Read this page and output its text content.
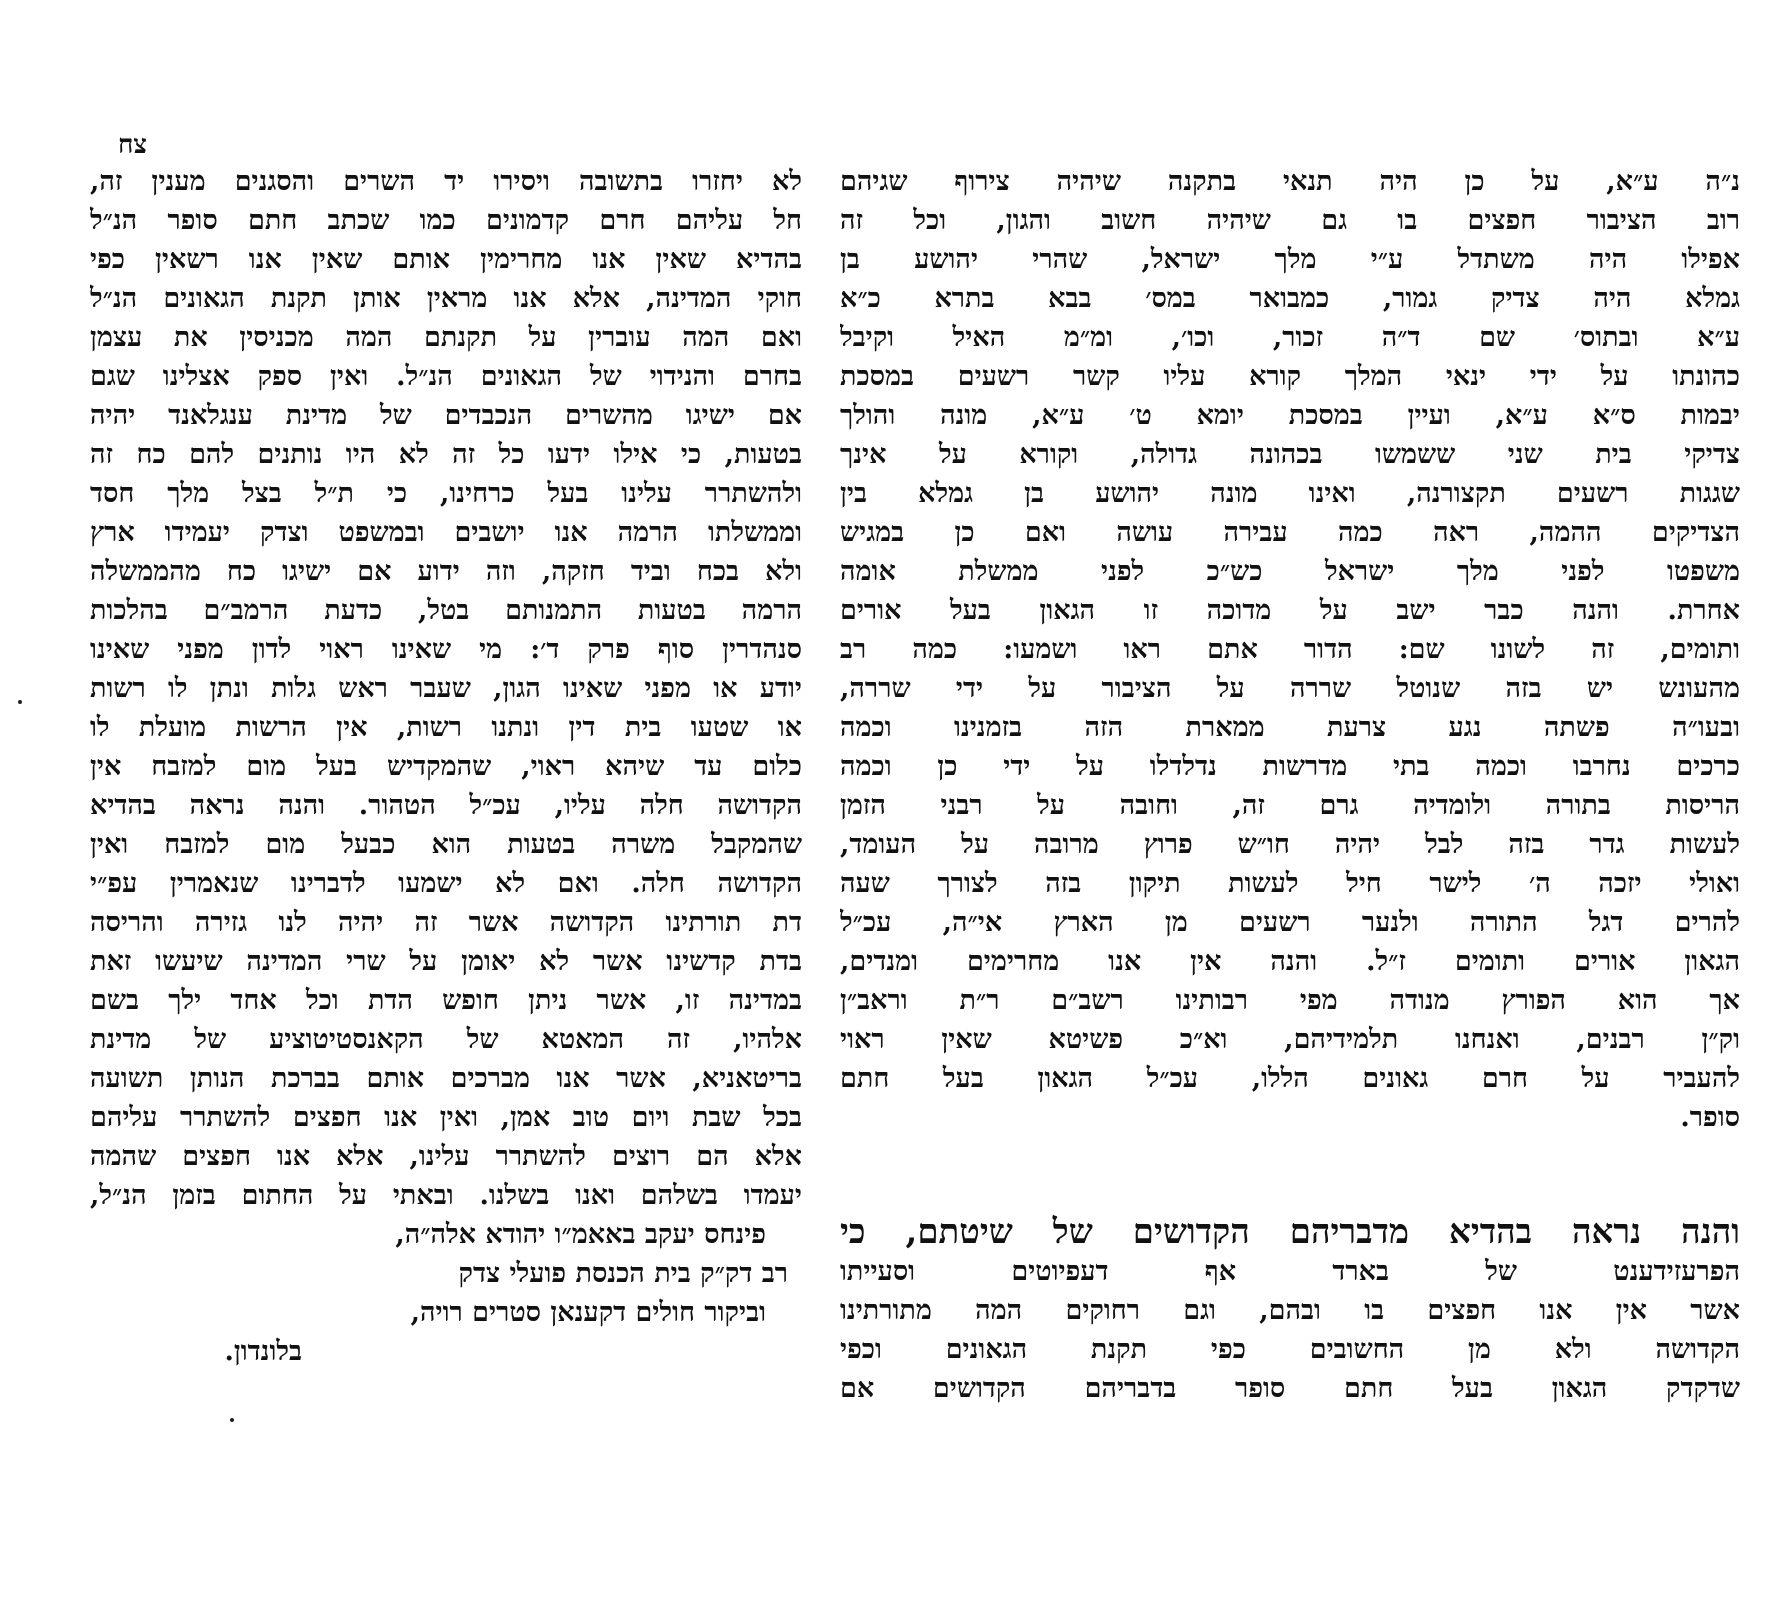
צח
נ״ה ע״א, על כן היה תנאי בתקנה שיהיה צירוף שגיהם
רוב הציבור חפצים בו גם שיהיה חשוב והגון, וכל זה
אפילו היה משתדל ע״י מלך ישראל, שהרי יהושע בן
גמלא היה צדיק גמור, כמבואר במס׳ בבא בתרא כ״א
ע״א ובתוס׳ שם ד״ה זכור, וכו׳, ומ״מ האיל וקיבל
כהונתו על ידי ינאי המלך קורא עליו קשר רשעים במסכת
יבמות ס״א ע״א, ועיין במסכת יומא ט׳ ע״א, מונה והולך
צדיקי בית שני ששמשו בכהונה גדולה, וקורא על אינך
שגגות רשעים תקצורנה, ואינו מונה יהושע בן גמלא בין
הצדיקים ההמה, ראה כמה עבירה עושה ואם כן במגיש
משפטו לפני מלך ישראל כש״כ לפני ממשלת אומה
אחרת. והנה כבר ישב על מדוכה זו הגאון בעל אורים
ותומים, זה לשונו שם: הדור אתם ראו ושמעו: כמה רב
מהעונש יש בזה שנוטל שררה על הציבור על ידי שררה,
ובעו״ה פשתה נגע צרעת ממארת הזה בזמנינו וכמה
כרכים נחרבו וכמה בתי מדרשות נדלדלו על ידי כן וכמה
הריסות בתורה ולומדיה גרם זה, וחובה על רבני הזמן
לעשות גדר בזה לבל יהיה חו״ש פרוץ מרובה על העומד,
ואולי יזכה ה׳ לישר חיל לעשות תיקון בזה לצורך שעה
להרים דגל התורה ולנער רשעים מן הארץ אי״ה, עכ״ל
הגאון אורים ותומים ז״ל. והנה אין אנו מחרימים ומנדים,
אך הוא הפורץ מנודה מפי רבותינו רשב״ם ר״ת וראב״ן
וק״ן רבנים, ואנחנו תלמידיהם, וא״כ פשיטא שאין ראוי
להעביר על חרם גאונים הללו, עכ״ל הגאון בעל חתם
סופר.
והנה נראה בהדיא מדבריהם הקדושים של שיטתם, כי
הפרעזידענט של בארד אף דעפיוטים וסעייתו
אשר אין אנו חפצים בו ובהם, וגם רחוקים המה מתורתינו
הקדושה ולא מן החשובים כפי תקנת הגאונים וכפי
שדקדק הגאון בעל חתם סופר בדבריהם הקדושים אם
לא יחזרו בתשובה ויסירו יד השרים והסגנים מענין זה,
חל עליהם חרם קדמונים כמו שכתב חתם סופר הנ״ל
בהדיא שאין אנו מחרימין אותם שאין אנו רשאין כפי
חוקי המדינה, אלא אנו מראין אותן תקנת הגאונים הנ״ל
ואם המה עוברין על תקנתם המה מכניסין את עצמן
בחרם והנידוי של הגאונים הנ״ל. ואין ספק אצלינו שגם
אם ישיגו מהשרים הנכבדים של מדינת ענגלאנד יהיה
בטעות, כי אילו ידעו כל זה לא היו נותנים להם כח זה
ולהשתרר עלינו בעל כרחינו, כי ת״ל בצל מלך חסד
וממשלתו הרמה אנו יושבים ובמשפט וצדק יעמידו ארץ
ולא בכח וביד חזקה, וזה ידוע אם ישיגו כח מהממשלה
הרמה בטעות התמנותם בטל, כדעת הרמב״ם בהלכות
סנהדרין סוף פרק ד׳: מי שאינו ראוי לדון מפני שאינו
יודע או מפני שאינו הגון, שעבר ראש גלות ונתן לו רשות
או שטעו בית דין ונתנו רשות, אין הרשות מועלת לו
כלום עד שיהא ראוי, שהמקדיש בעל מום למזבח אין
הקדושה חלה עליו, עכ״ל הטהור. והנה נראה בהדיא
שהמקבל משרה בטעות הוא כבעל מום למזבח ואין
הקדושה חלה. ואם לא ישמעו לדברינו שנאמרין עפ״י
דת תורתינו הקדושה אשר זה יהיה לנו גזירה והריסה
בדת קדשינו אשר לא יאומן על שרי המדינה שיעשו זאת
במדינה זו, אשר ניתן חופש הדת וכל אחד ילך בשם
אלהיו, זה המאטא של הקאנסטיטוציע של מדינת
בריטאניא, אשר אנו מברכים אותם בברכת הנותן תשועה
בכל שבת ויום טוב אמן, ואין אנו חפצים להשתרר עליהם
אלא הם רוצים להשתרר עלינו, אלא אנו חפצים שהמה
יעמדו בשלהם ואנו בשלנו. ובאתי על החתום בזמן הנ״ל,
פינחס יעקב באאמ״ו יהודא אלה״ה,
רב דק״ק בית הכנסת פועלי צדק
וביקור חולים דקענאן סטרים רויה,
בלונדון.
